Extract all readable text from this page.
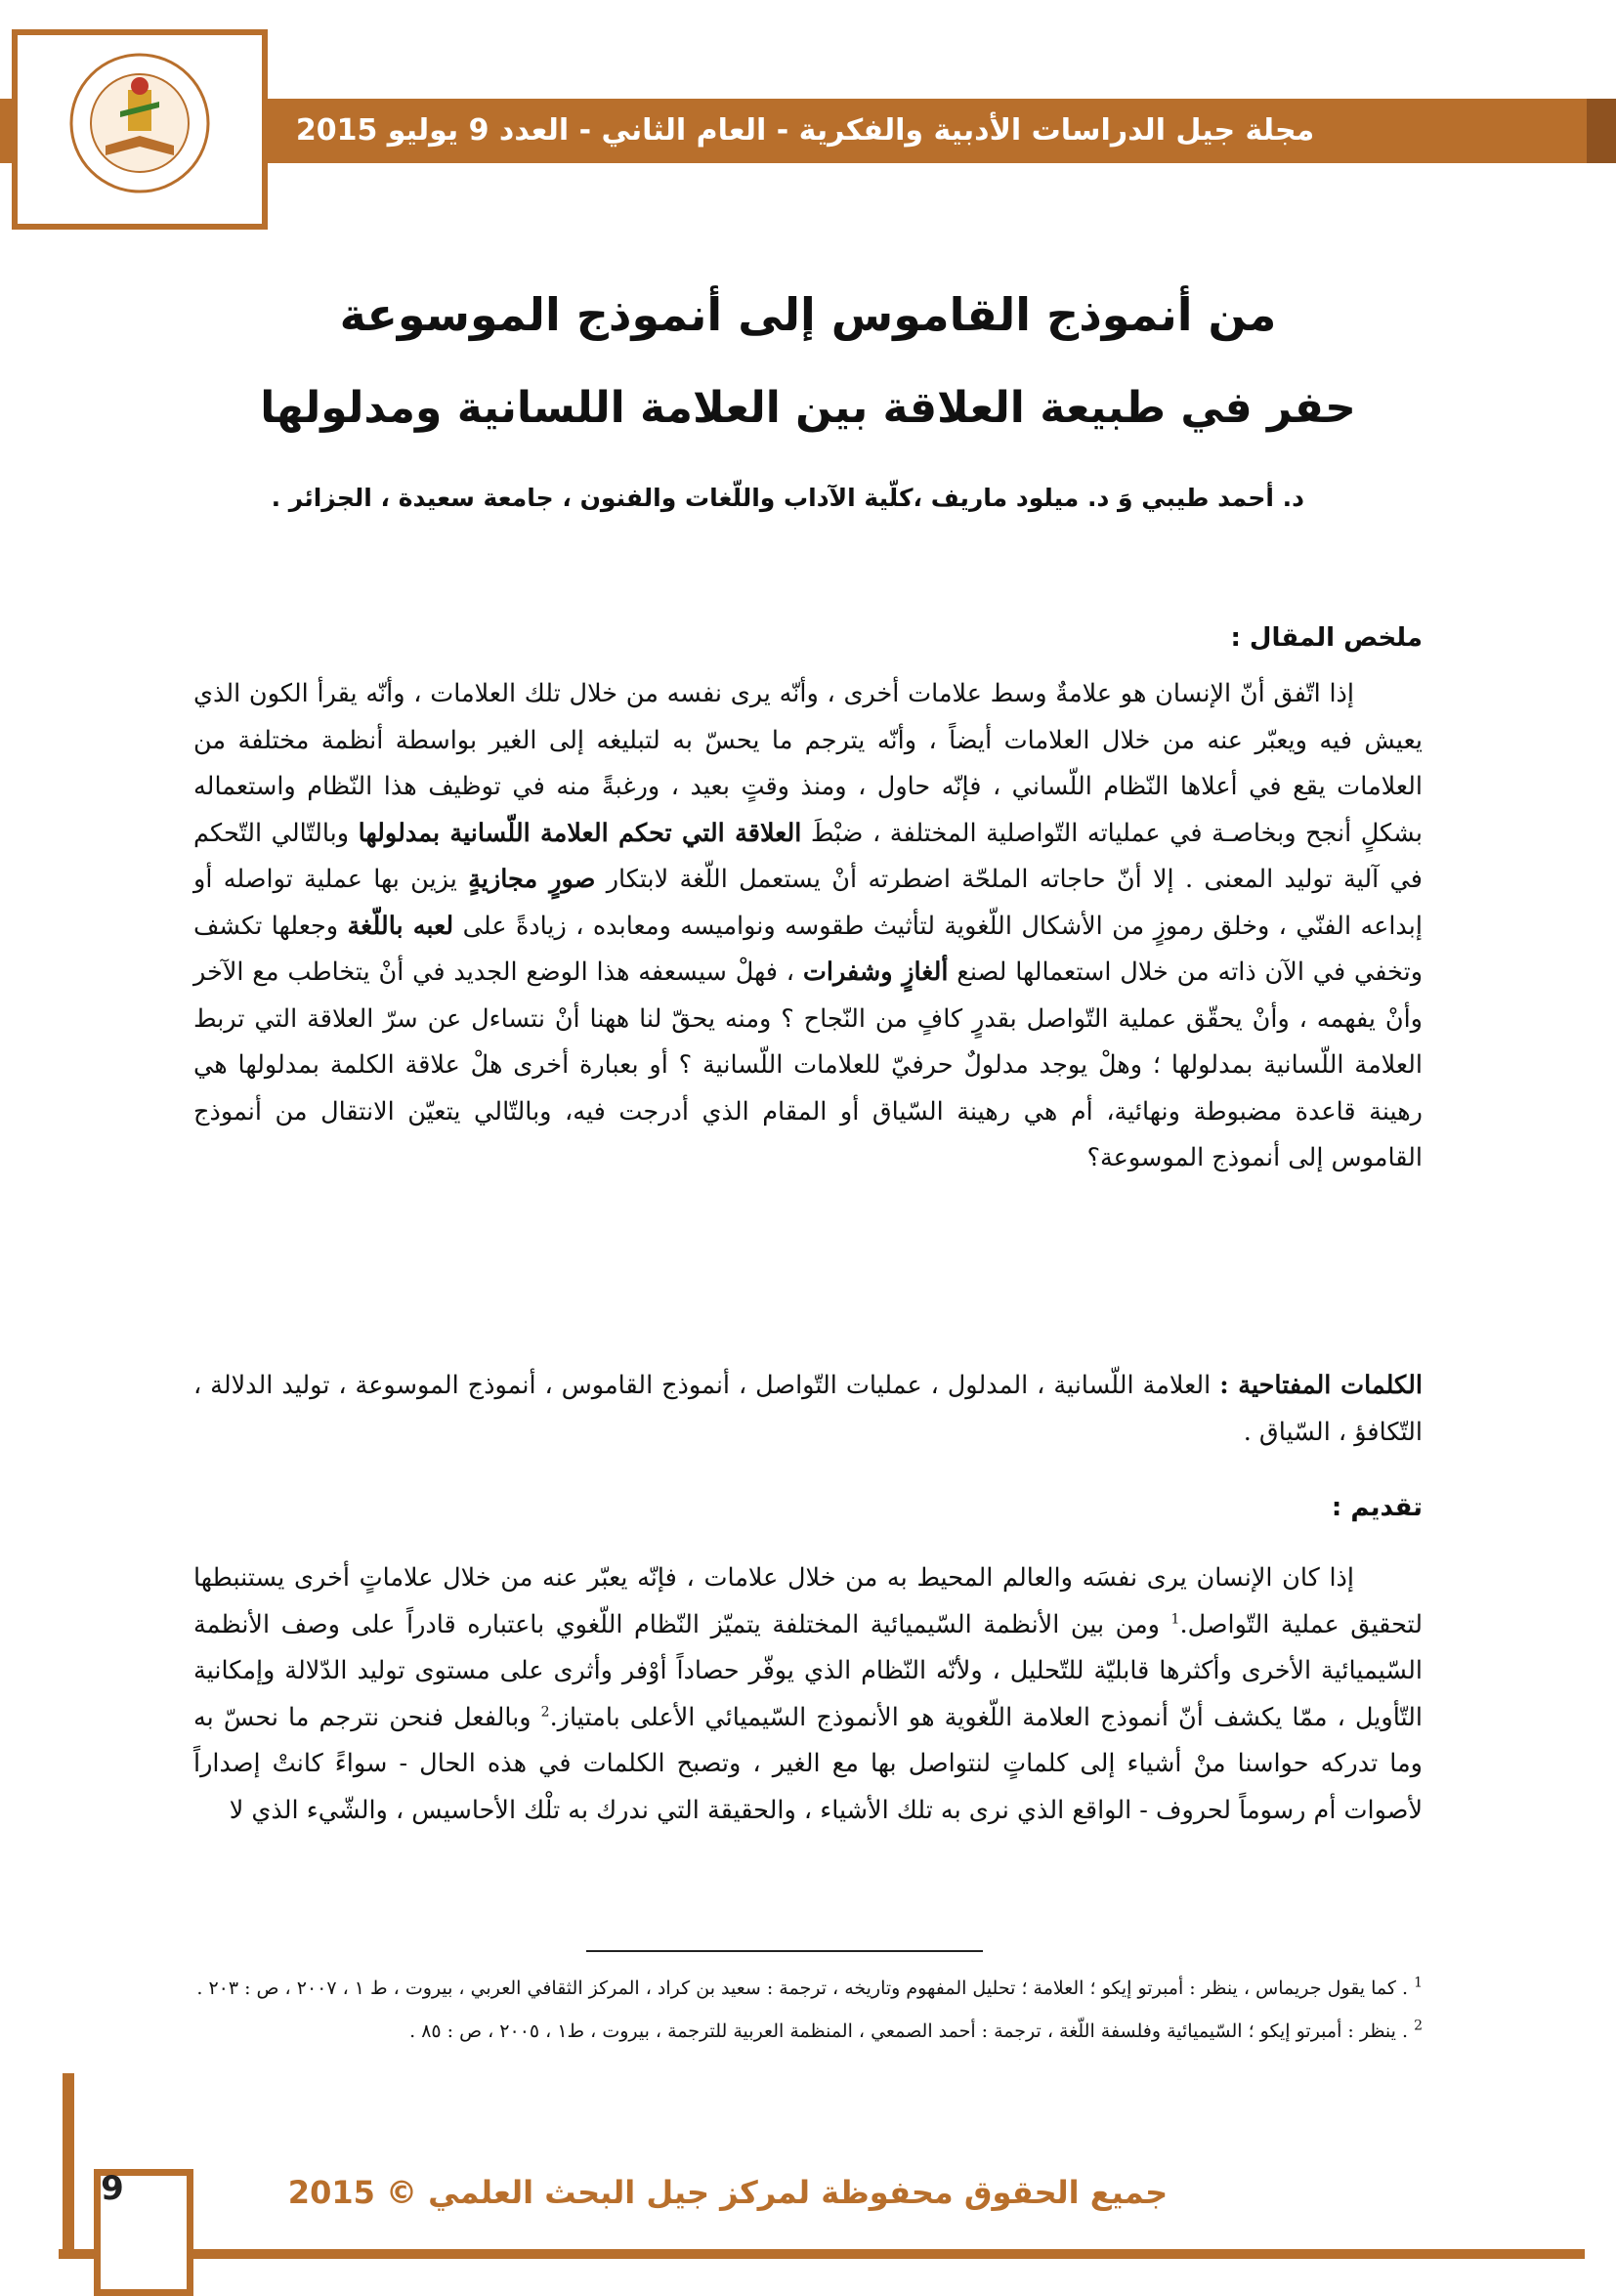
مجلة جيل الدراسات الأدبية والفكرية - العام الثاني - العدد 9 يوليو 2015
من أنموذج القاموس إلى أنموذج الموسوعة
حفر في طبيعة العلاقة بين العلامة اللسانية ومدلولها
د. أحمد طيبي وَ د. ميلود ماريف ،كلّية الآداب واللّغات والفنون ، جامعة سعيدة ، الجزائر .
ملخص المقال :

إذا اتّفق أنّ الإنسان هو علامةٌ وسط علامات أخرى ، وأنّه يرى نفسه من خلال تلك العلامات ، وأنّه يقرأ الكون الذي يعيش فيه ويعبّر عنه من خلال العلامات أيضاً ، وأنّه يترجم ما يحسّ به لتبليغه إلى الغير بواسطة أنظمة مختلفة من العلامات يقع في أعلاها النّظام اللّساني ، فإنّه حاول ، ومنذ وقتٍ بعيد ، ورغبةً منه في توظيف هذا النّظام واستعماله بشكلٍ أنجح وبخاصـة في عملياته التّواصلية المختلفة ، ضبْطَ العلاقة التي تحكم العلامة اللّسانية بمدلولها وبالتّالي التّحكم في آلية توليد المعنى . إلا أنّ حاجاته الملحّة اضطرته أنْ يستعمل اللّغة لابتكار صورٍ مجازيةٍ يزين بها عملية تواصله أو إبداعه الفنّي ، وخلق رموزٍ من الأشكال اللّغوية لتأثيث طقوسه ونواميسه ومعابده ، زيادةً على لعبه باللّغة وجعلها تكشف وتخفي في الآن ذاته من خلال استعمالها لصنع ألغازٍ وشفرات ، فهلْ سيسعفه هذا الوضع الجديد في أنْ يتخاطب مع الآخر وأنْ يفهمه ، وأنْ يحقّق عملية التّواصل بقدرٍ كافٍ من النّجاح ؟ ومنه يحقّ لنا ههنا أنْ نتساءل عن سرّ العلاقة التي تربط العلامة اللّسانية بمدلولها ؛ وهلْ يوجد مدلولٌ حرفيّ للعلامات اللّسانية ؟ أو بعبارة أخرى هلْ علاقة الكلمة بمدلولها هي رهينة قاعدة مضبوطة ونهائية، أم هي رهينة السّياق أو المقام الذي أدرجت فيه، وبالتّالي يتعيّن الانتقال من أنموذج القاموس إلى أنموذج الموسوعة؟

الكلمات المفتاحية : العلامة اللّسانية ، المدلول ، عمليات التّواصل ، أنموذج القاموس ، أنموذج الموسوعة ، توليد الدلالة ، التّكافؤ ، السّياق .
تقديم :

إذا كان الإنسان يرى نفسَه والعالم المحيط به من خلال علامات ، فإنّه يعبّر عنه من خلال علاماتٍ أخرى يستنبطها لتحقيق عملية التّواصل.$^1$ ومن بين الأنظمة السّيميائية المختلفة يتميّز النّظام اللّغوي باعتباره قادراً على وصف الأنظمة السّيميائية الأخرى وأكثرها قابليّة للتّحليل ، ولأنّه النّظام الذي يوفّر حصاداً أوْفر وأثرى على مستوى توليد الدّلالة وإمكانية التّأويل ، ممّا يكشف أنّ أنموذج العلامة اللّغوية هو الأنموذج السّيميائي الأعلى بامتياز.$^2$ وبالفعل فنحن نترجم ما نحسّ به وما تدركه حواسنا منْ أشياء إلى كلماتٍ لنتواصل بها مع الغير ، وتصبح الكلمات في هذه الحال - سواءً كانتْ إصداراً لأصوات أم رسوماً لحروف - الواقع الذي نرى به تلك الأشياء ، والحقيقة التي ندرك به تلْك الأحاسيس ، والشّيء الذي لا

$^1$ . كما يقول جريماس ، ينظر : أمبرتو إيكو ؛ العلامة ؛ تحليل المفهوم وتاريخه ، ترجمة : سعيد بن كراد ، المركز الثقافي العربي ، بيروت ، ط ١ ، ٢٠٠٧ ، ص : ٢٠٣ .

$^2$ . ينظر : أمبرتو إيكو ؛ السّيميائية وفلسفة اللّغة ، ترجمة : أحمد الصمعي ، المنظمة العربية للترجمة ، بيروت ، ط١ ، ٢٠٠٥ ، ص : ٨٥ .

9	جميع الحقوق محفوظة لمركز جيل البحث العلمي © 2015
